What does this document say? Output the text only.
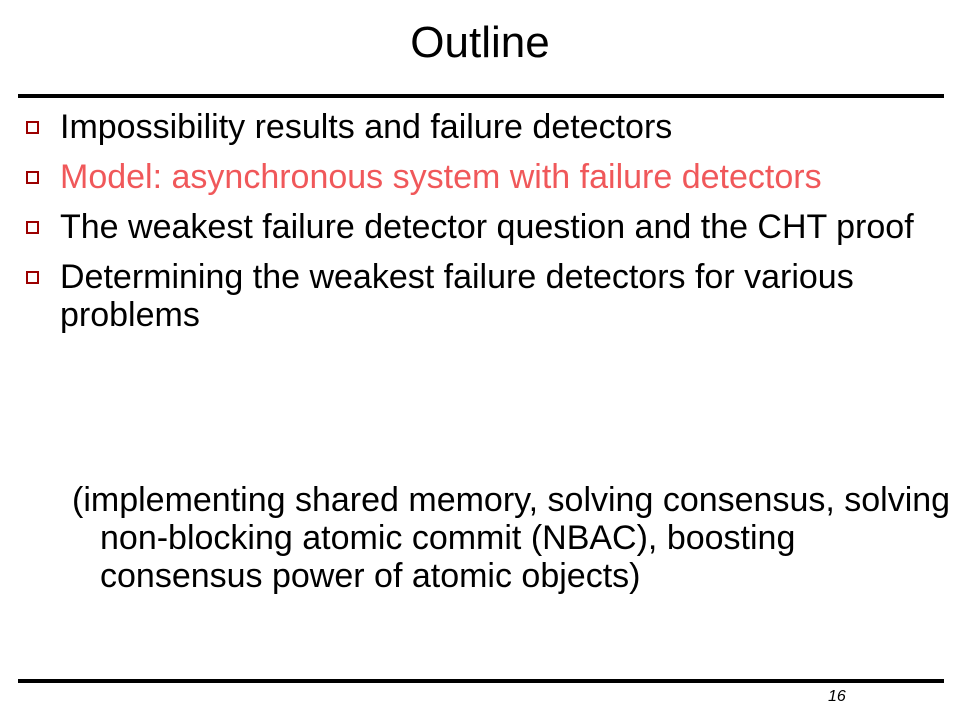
Outline
Impossibility results and failure detectors
Model: asynchronous system with failure detectors
The weakest failure detector question and the CHT proof
Determining the weakest failure detectors for various problems

(implementing shared memory, solving consensus, solving non-blocking atomic commit (NBAC), boosting consensus power of atomic objects)

16
